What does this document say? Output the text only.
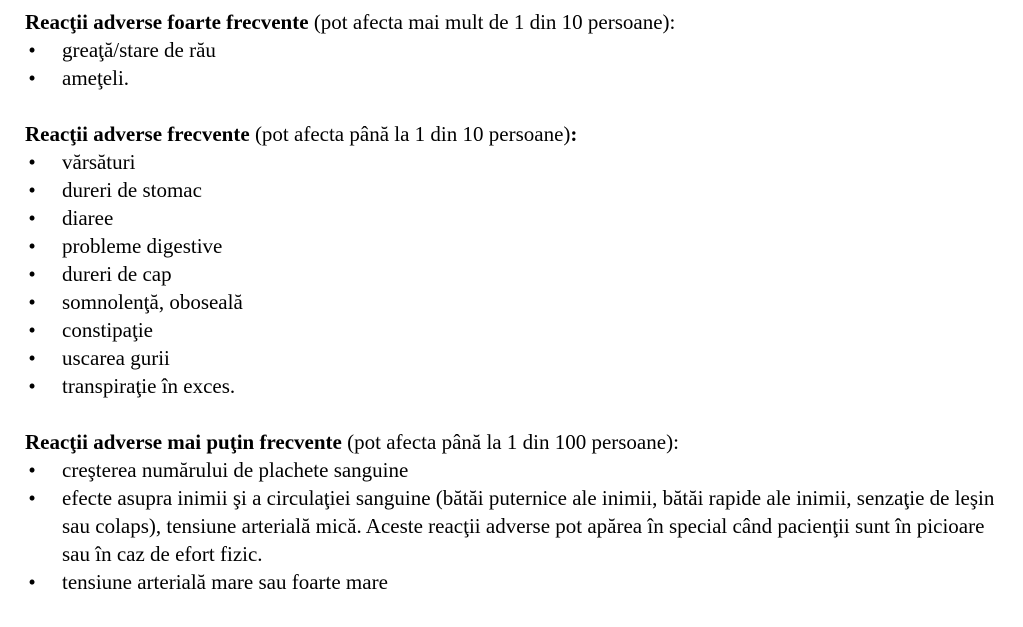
Reacţii adverse foarte frecvente (pot afecta mai mult de 1 din 10 persoane):

• greaţă/stare de rău
• ameţeli.

Reacţii adverse frecvente (pot afecta până la 1 din 10 persoane):

• vărsături
• dureri de stomac
• diaree
• probleme digestive
• dureri de cap
• somnolenţă, oboseală
• constipaţie
• uscarea gurii
• transpiraţie în exces.

Reacţii adverse mai puţin frecvente (pot afecta până la 1 din 100 persoane):

• creşterea numărului de plachete sanguine
• efecte asupra inimii şi a circulaţiei sanguine (bătăi puternice ale inimii, bătăi rapide ale inimii, senzaţie de leşin sau colaps), tensiune arterială mică. Aceste reacţii adverse pot apărea în special când pacienţii sunt în picioare sau în caz de efort fizic.
• tensiune arterială mare sau foarte mare
